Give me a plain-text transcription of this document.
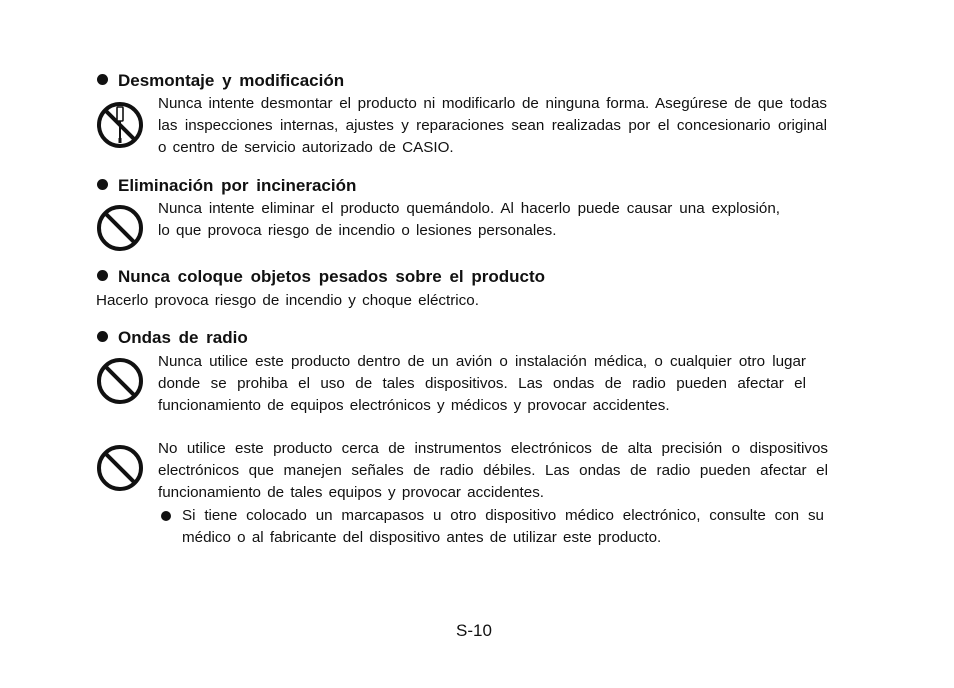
Desmontaje y modificación
Nunca intente desmontar el producto ni modificarlo de ninguna forma. Asegúrese de que todas las inspecciones internas, ajustes y reparaciones sean realizadas por el concesionario original o centro de servicio autorizado de CASIO.
Eliminación por incineración
Nunca intente eliminar el producto quemándolo. Al hacerlo puede causar una explosión, lo que provoca riesgo de incendio o lesiones personales.
Nunca coloque objetos pesados sobre el producto
Hacerlo provoca riesgo de incendio y choque eléctrico.
Ondas de radio
Nunca utilice este producto dentro de un avión o instalación médica, o cualquier otro lugar donde se prohiba el uso de tales dispositivos. Las ondas de radio pueden afectar el funcionamiento de equipos electrónicos y médicos y provocar accidentes.
No utilice este producto cerca de instrumentos electrónicos de alta precisión o dispositivos electrónicos que manejen señales de radio débiles. Las ondas de radio pueden afectar el funcionamiento de tales equipos y provocar accidentes.
Si tiene colocado un marcapasos u otro dispositivo médico electrónico, consulte con su médico o al fabricante del dispositivo antes de utilizar este producto.
S-10
